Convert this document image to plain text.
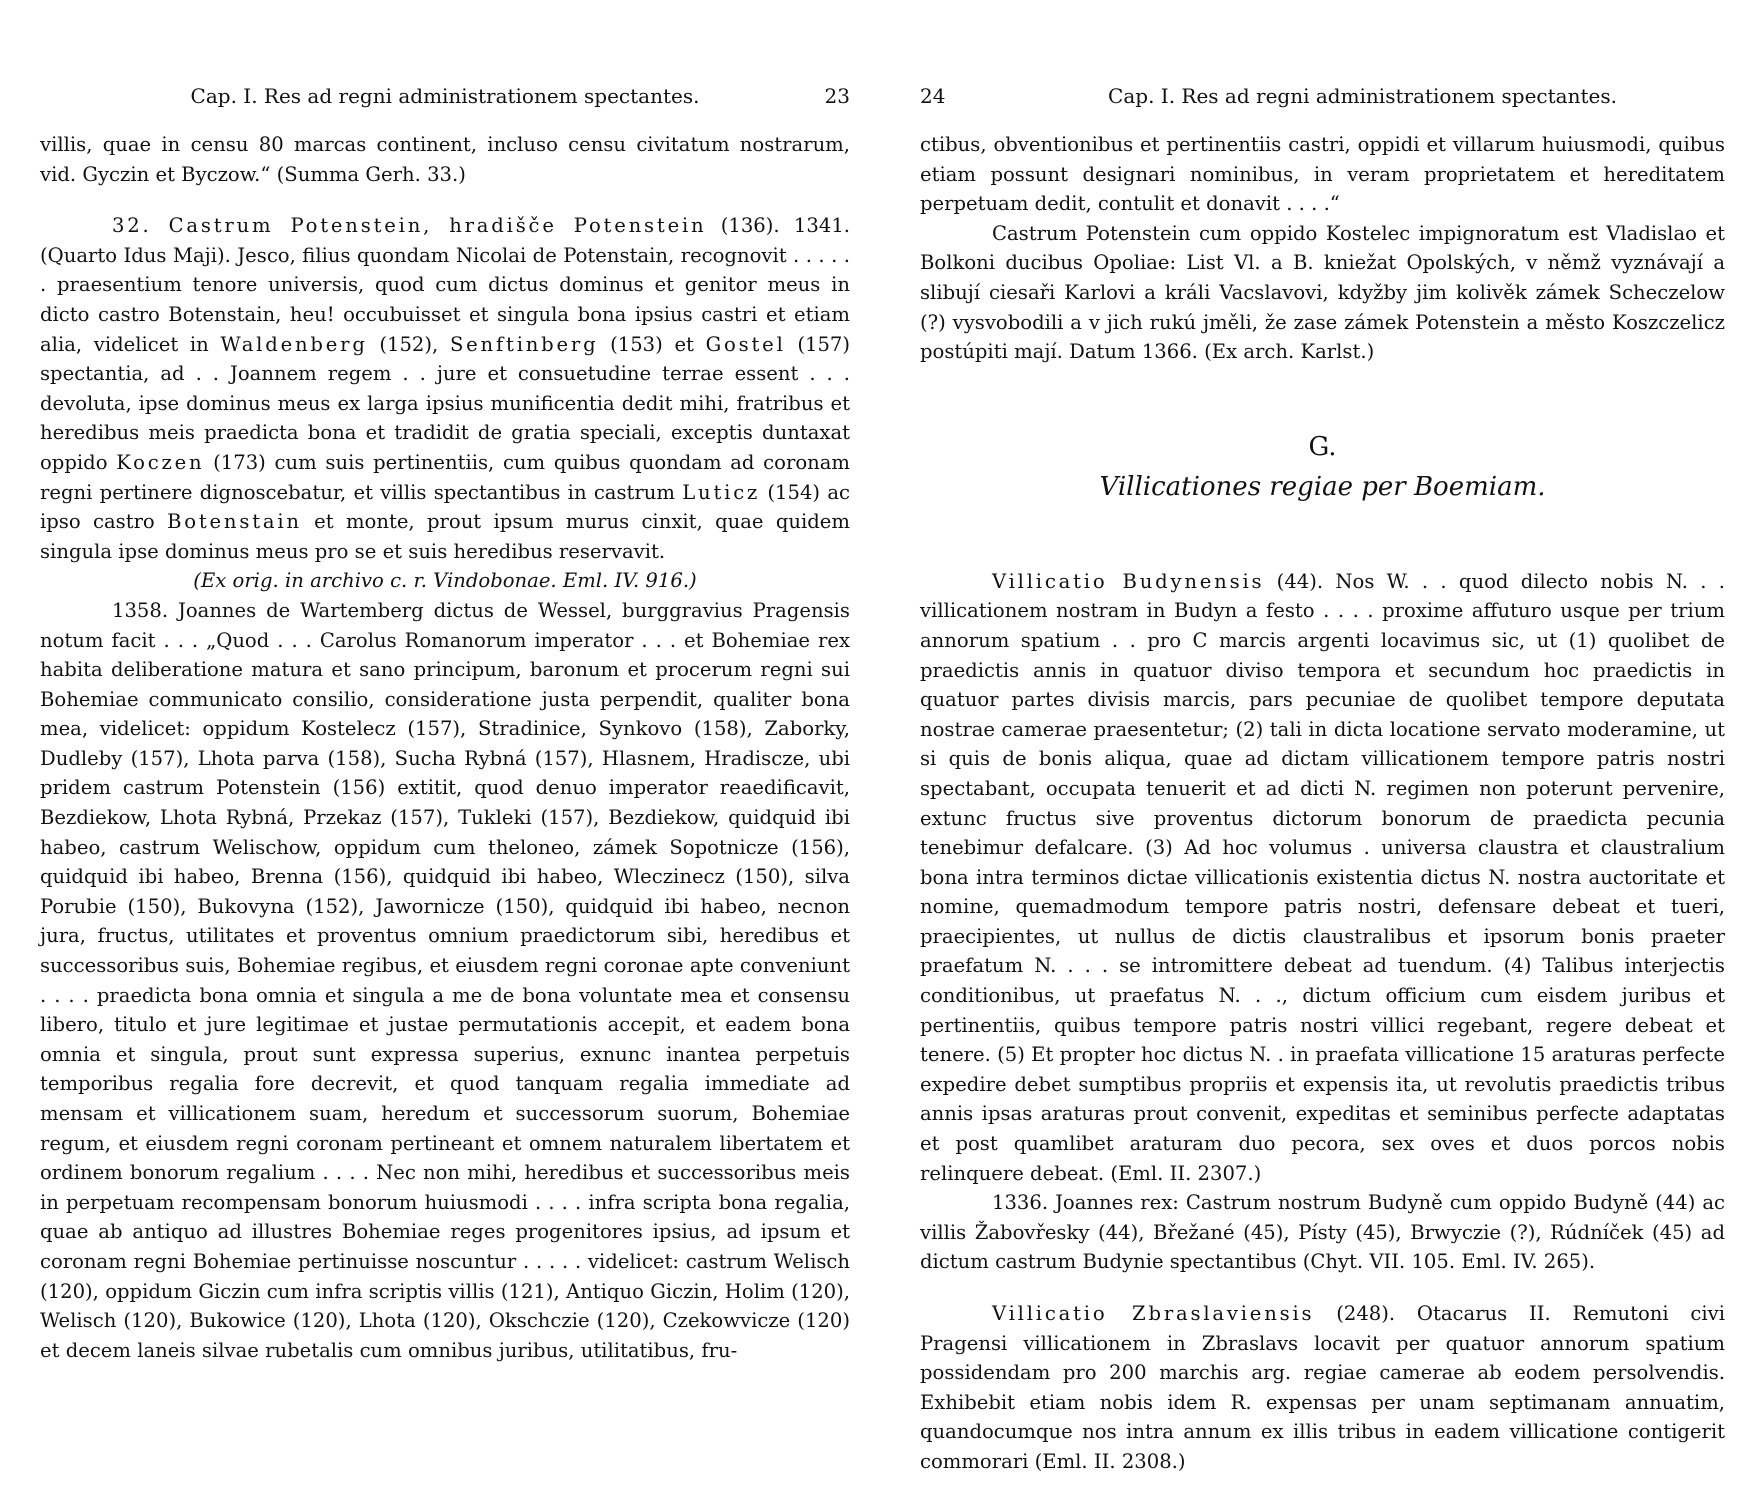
Cap. I. Res ad regni administrationem spectantes.	23

villis, quae in censu 80 marcas continent, incluso censu civitatum nostrarum, vid. Gyczin et Byczow.“ (Summa Gerh. 33.)

32. Castrum Potenstein, hradišče Potenstein (136). 1341. (Quarto Idus Maji). Jesco, filius quondam Nicolai de Potenstain, recognovit . . . . . . praesentium tenore universis, quod cum dictus dominus et genitor meus in dicto castro Botenstain, heu! occubuisset et singula bona ipsius castri et etiam alia, videlicet in Waldenberg (152), Senftinberg (153) et Gostel (157) spectantia, ad . . Joannem regem . . jure et consuetudine terrae essent . . . devoluta, ipse dominus meus ex larga ipsius munificentia dedit mihi, fratribus et heredibus meis praedicta bona et tradidit de gratia speciali, exceptis duntaxat oppido Koczen (173) cum suis pertinentiis, cum quibus quondam ad coronam regni pertinere dignoscebatur, et villis spectantibus in castrum Luticz (154) ac ipso castro Botenstain et monte, prout ipsum murus cinxit, quae quidem singula ipse dominus meus pro se et suis heredibus reservavit.

(Ex orig. in archivo c. r. Vindobonae. Eml. IV. 916.)

1358. Joannes de Wartemberg dictus de Wessel, burggravius Pragensis notum facit . . . „Quod . . . Carolus Romanorum imperator . . . et Bohemiae rex habita deliberatione matura et sano principum, baronum et procerum regni sui Bohemiae communicato consilio, consideratione justa perpendit, qualiter bona mea, videlicet: oppidum Kostelecz (157), Stradinice, Synkovo (158), Zaborky, Dudleby (157), Lhota parva (158), Sucha Rybná (157), Hlasnem, Hradiscze, ubi pridem castrum Potenstein (156) extitit, quod denuo imperator reaedificavit, Bezdiekow, Lhota Rybná, Przekaz (157), Tukleki (157), Bezdiekow, quidquid ibi habeo, castrum Welischow, oppidum cum theloneo, zámek Sopotnicze (156), quidquid ibi habeo, Brenna (156), quidquid ibi habeo, Wleczinecz (150), silva Porubie (150), Bukovyna (152), Jawornicze (150), quidquid ibi habeo, necnon jura, fructus, utilitates et proventus omnium praedictorum sibi, heredibus et successoribus suis, Bohemiae regibus, et eiusdem regni coronae apte conveniunt . . . . praedicta bona omnia et singula a me de bona voluntate mea et consensu libero, titulo et jure legitimae et justae permutationis accepit, et eadem bona omnia et singula, prout sunt expressa superius, exnunc inantea perpetuis temporibus regalia fore decrevit, et quod tanquam regalia immediate ad mensam et villicationem suam, heredum et successorum suorum, Bohemiae regum, et eiusdem regni coronam pertineant et omnem naturalem libertatem et ordinem bonorum regalium . . . . Nec non mihi, heredibus et successoribus meis in perpetuam recompensam bonorum huiusmodi . . . . infra scripta bona regalia, quae ab antiquo ad illustres Bohemiae reges progenitores ipsius, ad ipsum et coronam regni Bohemiae pertinuisse noscuntur . . . . . videlicet: castrum Welisch (120), oppidum Giczin cum infra scriptis villis (121), Antiquo Giczin, Holim (120), Welisch (120), Bukowice (120), Lhota (120), Okschczie (120), Czekowvicze (120) et decem laneis silvae rubetalis cum omnibus juribus, utilitatibus, fru-

24	Cap. I. Res ad regni administrationem spectantes.

ctibus, obventionibus et pertinentiis castri, oppidi et villarum huiusmodi, quibus etiam possunt designari nominibus, in veram proprietatem et hereditatem perpetuam dedit, contulit et donavit . . . .“

Castrum Potenstein cum oppido Kostelec impignoratum est Vladislao et Bolkoni ducibus Opoliae: List Vl. a B. kniežat Opolských, v němž vyznávají a slibují ciesaři Karlovi a králi Vacslavovi, kdyžby jim kolivěk zámek Scheczelow (?) vysvobodili a v jich rukú jměli, že zase zámek Potenstein a město Koszczelicz postúpiti mají. Datum 1366. (Ex arch. Karlst.)

G.

Villicationes regiae per Boemiam.

Villicatio Budynensis (44). Nos W. . . quod dilecto nobis N. . . villicationem nostram in Budyn a festo . . . . proxime affuturo usque per trium annorum spatium . . pro C marcis argenti locavimus sic, ut (1) quolibet de praedictis annis in quatuor diviso tempora et secundum hoc praedictis in quatuor partes divisis marcis, pars pecuniae de quolibet tempore deputata nostrae camerae praesentetur; (2) tali in dicta locatione servato moderamine, ut si quis de bonis aliqua, quae ad dictam villicationem tempore patris nostri spectabant, occupata tenuerit et ad dicti N. regimen non poterunt pervenire, extunc fructus sive proventus dictorum bonorum de praedicta pecunia tenebimur defalcare. (3) Ad hoc volumus . universa claustra et claustralium bona intra terminos dictae villicationis existentia dictus N. nostra auctoritate et nomine, quemadmodum tempore patris nostri, defensare debeat et tueri, praecipientes, ut nullus de dictis claustralibus et ipsorum bonis praeter praefatum N. . . . se intromittere debeat ad tuendum. (4) Talibus interjectis conditionibus, ut praefatus N. . ., dictum officium cum eisdem juribus et pertinentiis, quibus tempore patris nostri villici regebant, regere debeat et tenere. (5) Et propter hoc dictus N. . in praefata villicatione 15 araturas perfecte expedire debet sumptibus propriis et expensis ita, ut revolutis praedictis tribus annis ipsas araturas prout convenit, expeditas et seminibus perfecte adaptatas et post quamlibet araturam duo pecora, sex oves et duos porcos nobis relinquere debeat. (Eml. II. 2307.)

1336. Joannes rex: Castrum nostrum Budyně cum oppido Budyně (44) ac villis Žabovřesky (44), Břežané (45), Písty (45), Brwyczie (?), Rúdníček (45) ad dictum castrum Budynie spectantibus (Chyt. VII. 105. Eml. IV. 265).

Villicatio Zbraslaviensis (248). Otacarus II. Remutoni civi Pragensi villicationem in Zbraslavs locavit per quatuor annorum spatium possidendam pro 200 marchis arg. regiae camerae ab eodem persolvendis. Exhibebit etiam nobis idem R. expensas per unam septimanam annuatim, quandocumque nos intra annum ex illis tribus in eadem villicatione contigerit commorari (Eml. II. 2308.)
